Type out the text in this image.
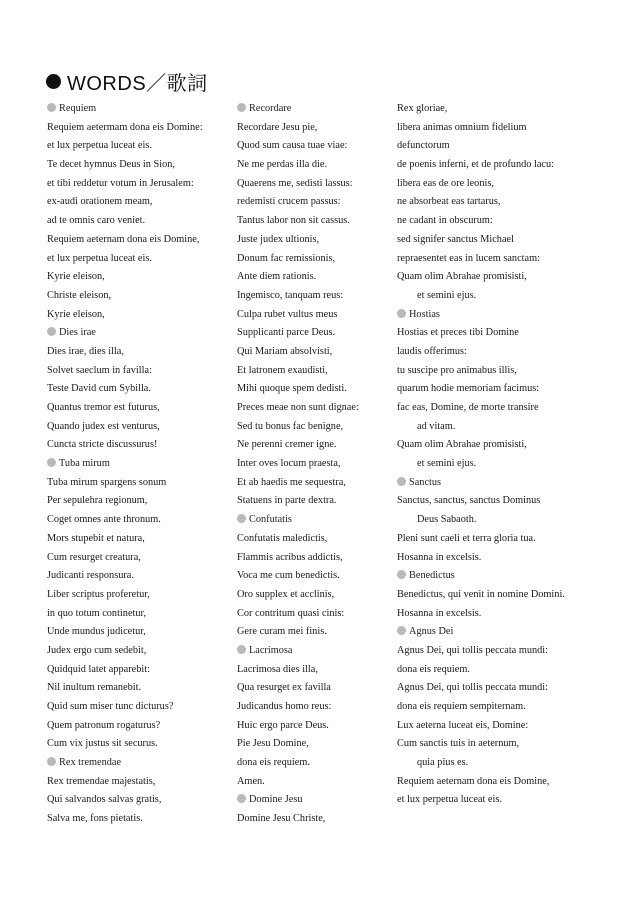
WORDS／歌詞
Requiem
Requiem aetermam dona eis Domine:
et lux perpetua luceat eis.
Te decet hymnus Deus in Sion,
et tibi reddetur votum in Jerusalem:
ex-audi orationem meam,
ad te omnis caro veniet.
Requiem aeternam dona eis Domine,
et lux perpetua luceat eis.
Kyrie eleison,
Christe eleison,
Kyrie eleison,
Dies irae
Dies irae, dies illa,
Solvet saeclum in favilla:
Teste David cum Sybilla.
Quantus tremor est futurus,
Quando judex est venturus,
Cuncta stricte discussurus!
Tuba mirum
Tuba mirum spargens sonum
Per sepulehra regionum,
Coget omnes ante thronum.
Mors stupebit et natura,
Cum resurget creatura,
Judicanti responsura.
Liber scriptus proferetur,
in quo totum continetur,
Unde mundus judicetur,
Judex ergo cum sedebit,
Quidquid latet apparebit:
Nil inultum remanebit.
Quid sum miser tunc dicturus?
Quem patronum rogaturus?
Cum vix justus sit securus.
Rex tremendae
Rex tremendae majestatis,
Qui salvandos salvas gratis,
Salva me, fons pietatis.
Recordare
Recordare Jesu pie,
Quod sum causa tuae viae:
Ne me perdas illa die.
Quaerens me, sedisti lassus:
redemisti crucem passus:
Tantus labor non sit cassus.
Juste judex ultionis,
Donum fac remissionis,
Ante diem rationis.
Ingemisco, tanquam reus:
Culpa rubet vultus meus
Supplicanti parce Deus.
Qui Mariam absolvisti,
Et latronem exaudisti,
Mihi quoque spem dedisti.
Preces meae non sunt dignae:
Sed tu bonus fac benigne,
Ne perenni cremer igne.
Inter oves locum praesta,
Et ab haedis me sequestra,
Statuens in parte dextra.
Confutatis
Confutatis maledictis,
Flammis acribus addictis,
Voca me cum benedictis.
Oro supplex et acclinis,
Cor contritum quasi cinis:
Gere curam mei finis.
Lacrimosa
Lacrimosa dies illa,
Qua resurget ex favilla
Judicandus homo reus:
Huic ergo parce Deus.
Pie Jesu Domine,
dona eis requiem.
Amen.
Domine Jesu
Domine Jesu Christe,
Rex gloriae,
libera animas omnium fidelium
defunctorum
de poenis inferni, et de profundo lacu:
libera eas de ore leonis,
ne absorbeat eas tartarus,
ne cadant in obscurum:
sed signifer sanctus Michael
repraesentet eas in lucem sanctam:
Quam olim Abrahae promisisti,
et semini ejus.
Hostias
Hostias et preces tibi Domine
laudis offerimus:
tu suscipe pro animabus illis,
quarum hodie memoriam facimus:
fac eas, Domine, de morte transire
ad vitam.
Quam olim Abrahae promisisti,
et semini ejus.
Sanctus
Sanctus, sanctus, sanctus Dominus
Deus Sabaoth.
Pleni sunt caeli et terra gloria tua.
Hosanna in excelsis.
Benedictus
Benedictus, qui venit in nomine Domini.
Hosanna in excelsis.
Agnus Dei
Agnus Dei, qui tollis peccata mundi:
dona eis requiem.
Agnus Dei, qui tollis peccata mundi:
dona eis requiem sempiternam.
Lux aeterna luceat eis, Domine:
Cum sanctis tuis in aeternum,
quia pius es.
Requiem aeternam dona eis Domine,
et lux perpetua luceat eis.
